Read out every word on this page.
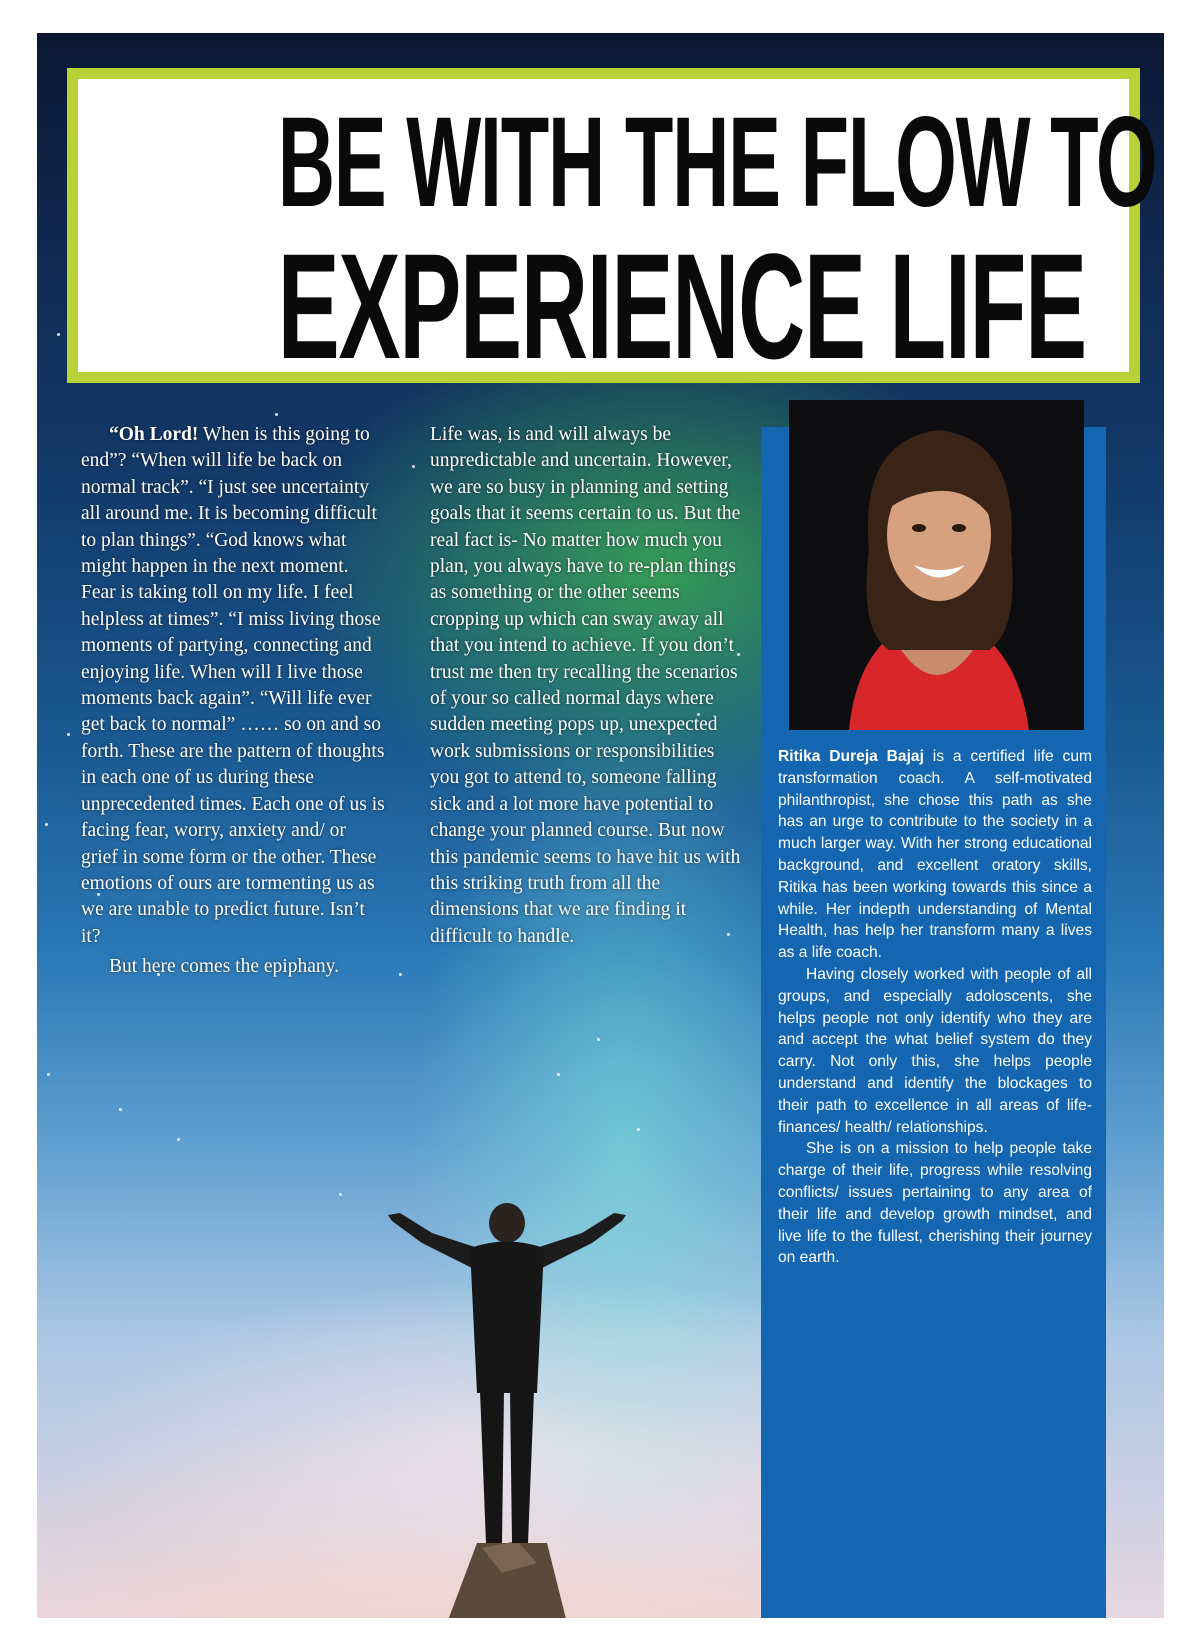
BE WITH THE FLOW TO
EXPERIENCE LIFE

“Oh Lord! When is this going to end”? “When will life be back on normal track”. “I just see uncertainty all around me. It is becoming difficult to plan things”. “God knows what might happen in the next moment. Fear is taking toll on my life. I feel helpless at times”. “I miss living those moments of partying, connecting and enjoying life. When will I live those moments back again”. “Will life ever get back to normal” …… so on and so forth. These are the pattern of thoughts in each one of us during these unprecedented times. Each one of us is facing fear, worry, anxiety and/ or grief in some form or the other. These emotions of ours are tormenting us as we are unable to predict future. Isn’t it?

But here comes the epiphany.

Life was, is and will always be unpredictable and uncertain. However, we are so busy in planning and setting goals that it seems certain to us. But the real fact is- No matter how much you plan, you always have to re-plan things as something or the other seems cropping up which can sway away all that you intend to achieve. If you don’t trust me then try recalling the scenarios of your so called normal days where sudden meeting pops up, unexpected work submissions or responsibilities you got to attend to, someone falling sick and a lot more have potential to change your planned course. But now this pandemic seems to have hit us with this striking truth from all the dimensions that we are finding it difficult to handle.

Ritika Dureja Bajaj is a certified life cum transformation coach. A self-motivated philanthropist, she chose this path as she has an urge to contribute to the society in a much larger way. With her strong educational background, and excellent oratory skills, Ritika has been working towards this since a while. Her indepth understanding of Mental Health, has help her transform many a lives as a life coach.

Having closely worked with people of all groups, and especially adoloscents, she helps people not only identify who they are and accept the what belief system do they carry. Not only this, she helps people understand and identify the blockages to their path to excellence in all areas of life- finances/ health/ relationships.

She is on a mission to help people take charge of their life, progress while resolving conflicts/ issues pertaining to any area of their life and develop growth mindset, and live life to the fullest, cherishing their journey on earth.
